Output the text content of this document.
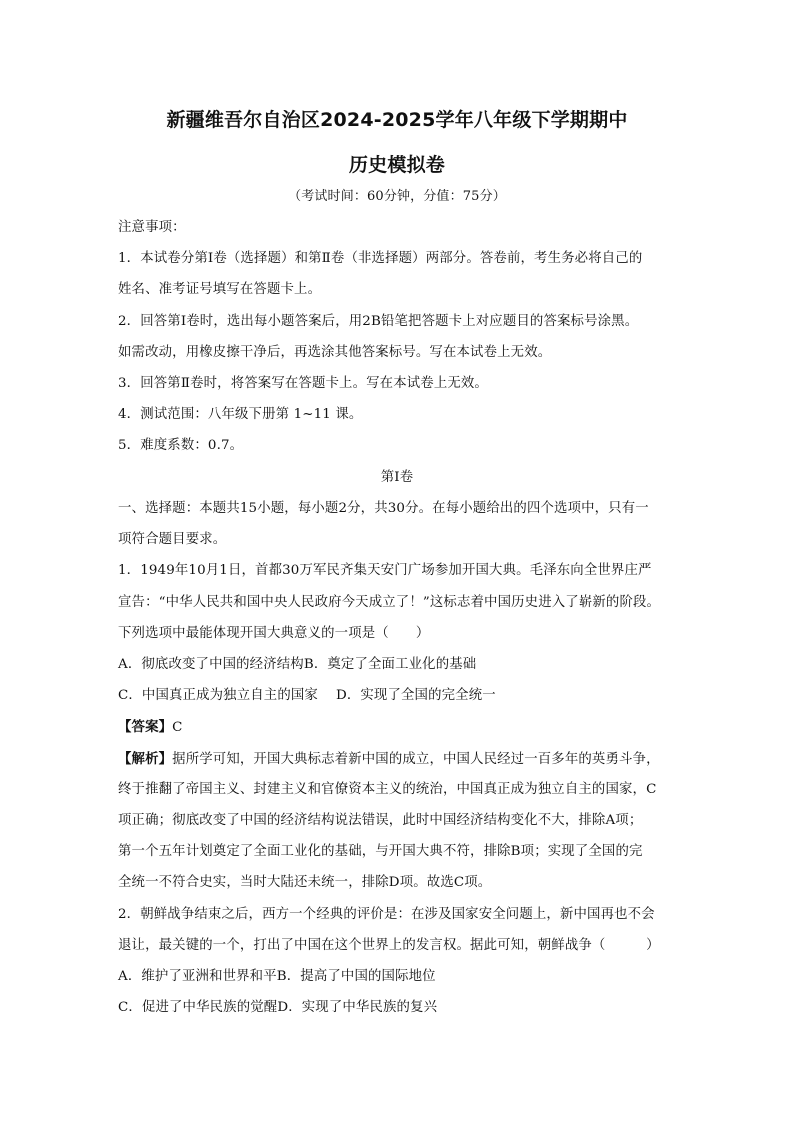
新疆维吾尔自治区2024-2025学年八年级下学期期中
历史模拟卷
（考试时间：60分钟，分值：75分）
注意事项：
1．本试卷分第Ⅰ卷（选择题）和第Ⅱ卷（非选择题）两部分。答卷前，考生务必将自己的
姓名、准考证号填写在答题卡上。
2．回答第Ⅰ卷时，选出每小题答案后，用2B铅笔把答题卡上对应题目的答案标号涂黑。
如需改动，用橡皮擦干净后，再选涂其他答案标号。写在本试卷上无效。
3．回答第Ⅱ卷时，将答案写在答题卡上。写在本试卷上无效。
4．测试范围：八年级下册第 1~11 课。
5．难度系数：0.7。
第Ⅰ卷
一、选择题：本题共15小题，每小题2分，共30分。在每小题给出的四个选项中，只有一
项符合题目要求。
1．1949年10月1日，首都30万军民齐集天安门广场参加开国大典。毛泽东向全世界庄严
宣告：“中华人民共和国中央人民政府今天成立了！”这标志着中国历史进入了崭新的阶段。
下列选项中最能体现开国大典意义的一项是（　　）
A．彻底改变了中国的经济结构B．奠定了全面工业化的基础
C．中国真正成为独立自主的国家 D．实现了全国的完全统一
【答案】C
【解析】据所学可知，开国大典标志着新中国的成立，中国人民经过一百多年的英勇斗争，
终于推翻了帝国主义、封建主义和官僚资本主义的统治，中国真正成为独立自主的国家，C
项正确；彻底改变了中国的经济结构说法错误，此时中国经济结构变化不大，排除A项；
第一个五年计划奠定了全面工业化的基础，与开国大典不符，排除B项；实现了全国的完
全统一不符合史实，当时大陆还未统一，排除D项。故选C项。
2．朝鲜战争结束之后，西方一个经典的评价是：在涉及国家安全问题上，新中国再也不会
退让，最关键的一个，打出了中国在这个世界上的发言权。据此可知，朝鲜战争（　　　）
A．维护了亚洲和世界和平B．提高了中国的国际地位
C．促进了中华民族的觉醒D．实现了中华民族的复兴
